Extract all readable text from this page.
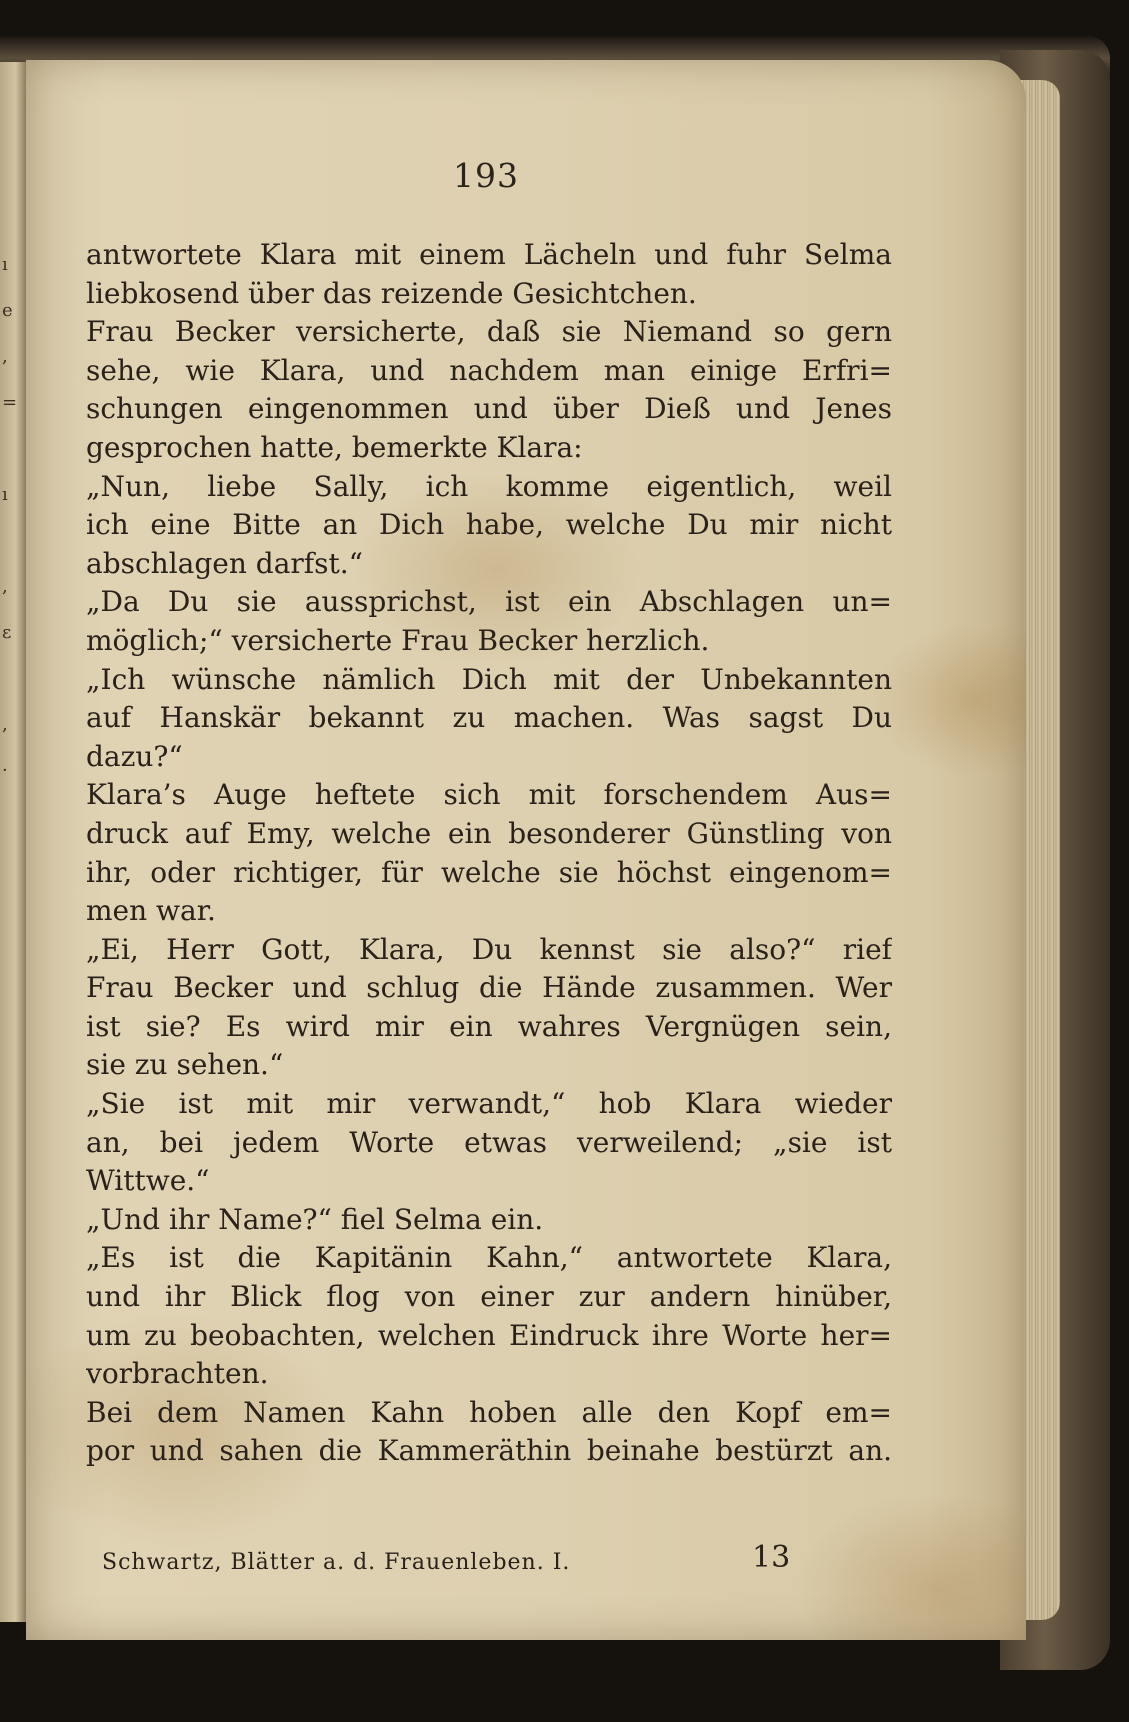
ı
e
,
=
ı
,
ε
,
·
193
antwortete Klara mit einem Lächeln und fuhr Selma
liebkosend über das reizende Gesichtchen.
Frau Becker versicherte, daß sie Niemand so gern
sehe, wie Klara, und nachdem man einige Erfri=
schungen eingenommen und über Dieß und Jenes
gesprochen hatte, bemerkte Klara:
„Nun, liebe Sally, ich komme eigentlich, weil
ich eine Bitte an Dich habe, welche Du mir nicht
abschlagen darfst.“
„Da Du sie aussprichst, ist ein Abschlagen un=
möglich;“ versicherte Frau Becker herzlich.
„Ich wünsche nämlich Dich mit der Unbekannten
auf Hanskär bekannt zu machen. Was sagst Du
dazu?“
Klara’s Auge heftete sich mit forschendem Aus=
druck auf Emy, welche ein besonderer Günstling von
ihr, oder richtiger, für welche sie höchst eingenom=
men war.
„Ei, Herr Gott, Klara, Du kennst sie also?“ rief
Frau Becker und schlug die Hände zusammen. Wer
ist sie? Es wird mir ein wahres Vergnügen sein,
sie zu sehen.“
„Sie ist mit mir verwandt,“ hob Klara wieder
an, bei jedem Worte etwas verweilend; „sie ist
Wittwe.“
„Und ihr Name?“ fiel Selma ein.
„Es ist die Kapitänin Kahn,“ antwortete Klara,
und ihr Blick flog von einer zur andern hinüber,
um zu beobachten, welchen Eindruck ihre Worte her=
vorbrachten.
Bei dem Namen Kahn hoben alle den Kopf em=
por und sahen die Kammeräthin beinahe bestürzt an.
Schwartz, Blätter a. d. Frauenleben. I.	13
